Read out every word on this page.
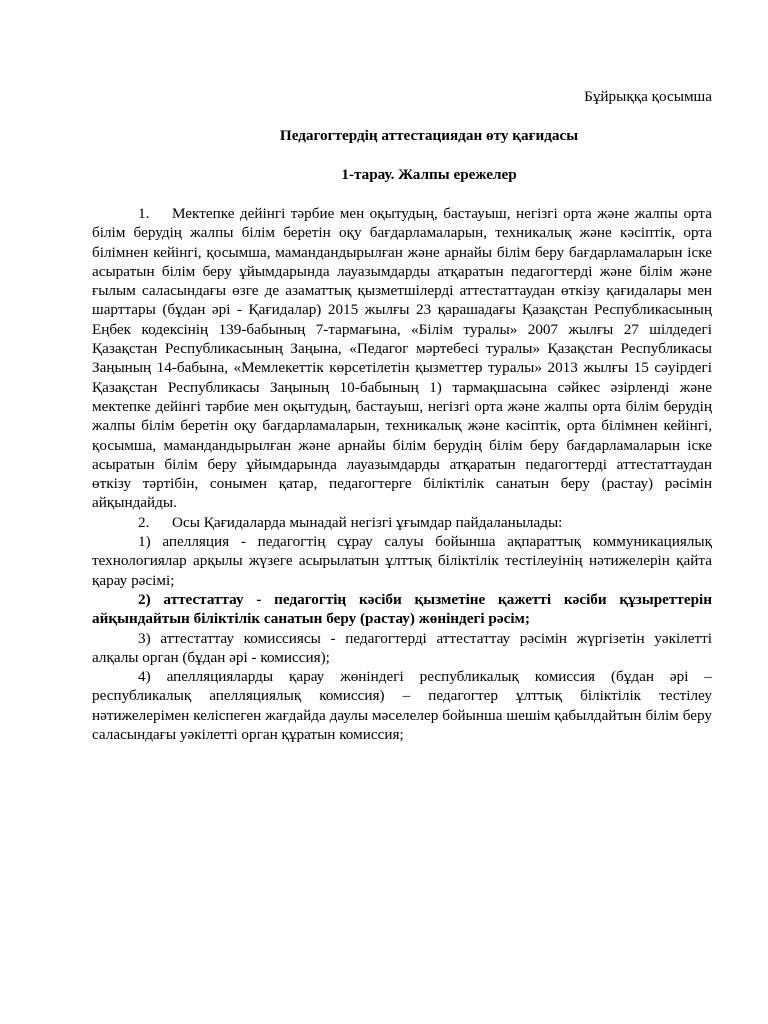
Бұйрыққа қосымша
Педагогтердің аттестациядан өту қағидасы
1-тарау. Жалпы ережелер

1. Мектепке дейінгі тәрбие мен оқытудың, бастауыш, негізгі орта және жалпы орта білім берудің жалпы білім беретін оқу бағдарламаларын, техникалық және кәсіптік, орта білімнен кейінгі, қосымша, мамандандырылған және арнайы білім беру бағдарламаларын іске асыратын білім беру ұйымдарында лауазымдарды атқаратын педагогтерді және білім және ғылым саласындағы өзге де азаматтық қызметшілерді аттестаттаудан өткізу қағидалары мен шарттары (бұдан әрі - Қағидалар) 2015 жылғы 23 қарашадағы Қазақстан Республикасының Еңбек кодексінің 139-бабының 7-тармағына, «Білім туралы» 2007 жылғы 27 шілдедегі Қазақстан Республикасының Заңына, «Педагог мәртебесі туралы» Қазақстан Республикасы Заңының 14-бабына, «Мемлекеттік көрсетілетін қызметтер туралы» 2013 жылғы 15 сәуірдегі Қазақстан Республикасы Заңының 10-бабының 1) тармақшасына сәйкес әзірленді және мектепке дейінгі тәрбие мен оқытудың, бастауыш, негізгі орта және жалпы орта білім берудің жалпы білім беретін оқу бағдарламаларын, техникалық және кәсіптік, орта білімнен кейінгі, қосымша, мамандандырылған және арнайы білім берудің білім беру бағдарламаларын іске асыратын білім беру ұйымдарында лауазымдарды атқаратын педагогтерді аттестаттаудан өткізу тәртібін, сонымен қатар, педагогтерге біліктілік санатын беру (растау) рәсімін айқындайды.

2. Осы Қағидаларда мынадай негізгі ұғымдар пайдаланылады:

1) апелляция - педагогтің сұрау салуы бойынша ақпараттық коммуникациялық технологиялар арқылы жүзеге асырылатын ұлттық біліктілік тестілеуінің нәтижелерін қайта қарау рәсімі;

2) аттестаттау - педагогтің кәсіби қызметіне қажетті кәсіби құзыреттерін айқындайтын біліктілік санатын беру (растау) жөніндегі рәсім;

3) аттестаттау комиссиясы - педагогтерді аттестаттау рәсімін жүргізетін уәкілетті алқалы орган (бұдан әрі - комиссия);

4) апелляцияларды қарау жөніндегі республикалық комиссия (бұдан әрі – республикалық апелляциялық комиссия) – педагогтер ұлттық біліктілік тестілеу нәтижелерімен келіспеген жағдайда даулы мәселелер бойынша шешім қабылдайтын білім беру саласындағы уәкілетті орган құратын комиссия;
